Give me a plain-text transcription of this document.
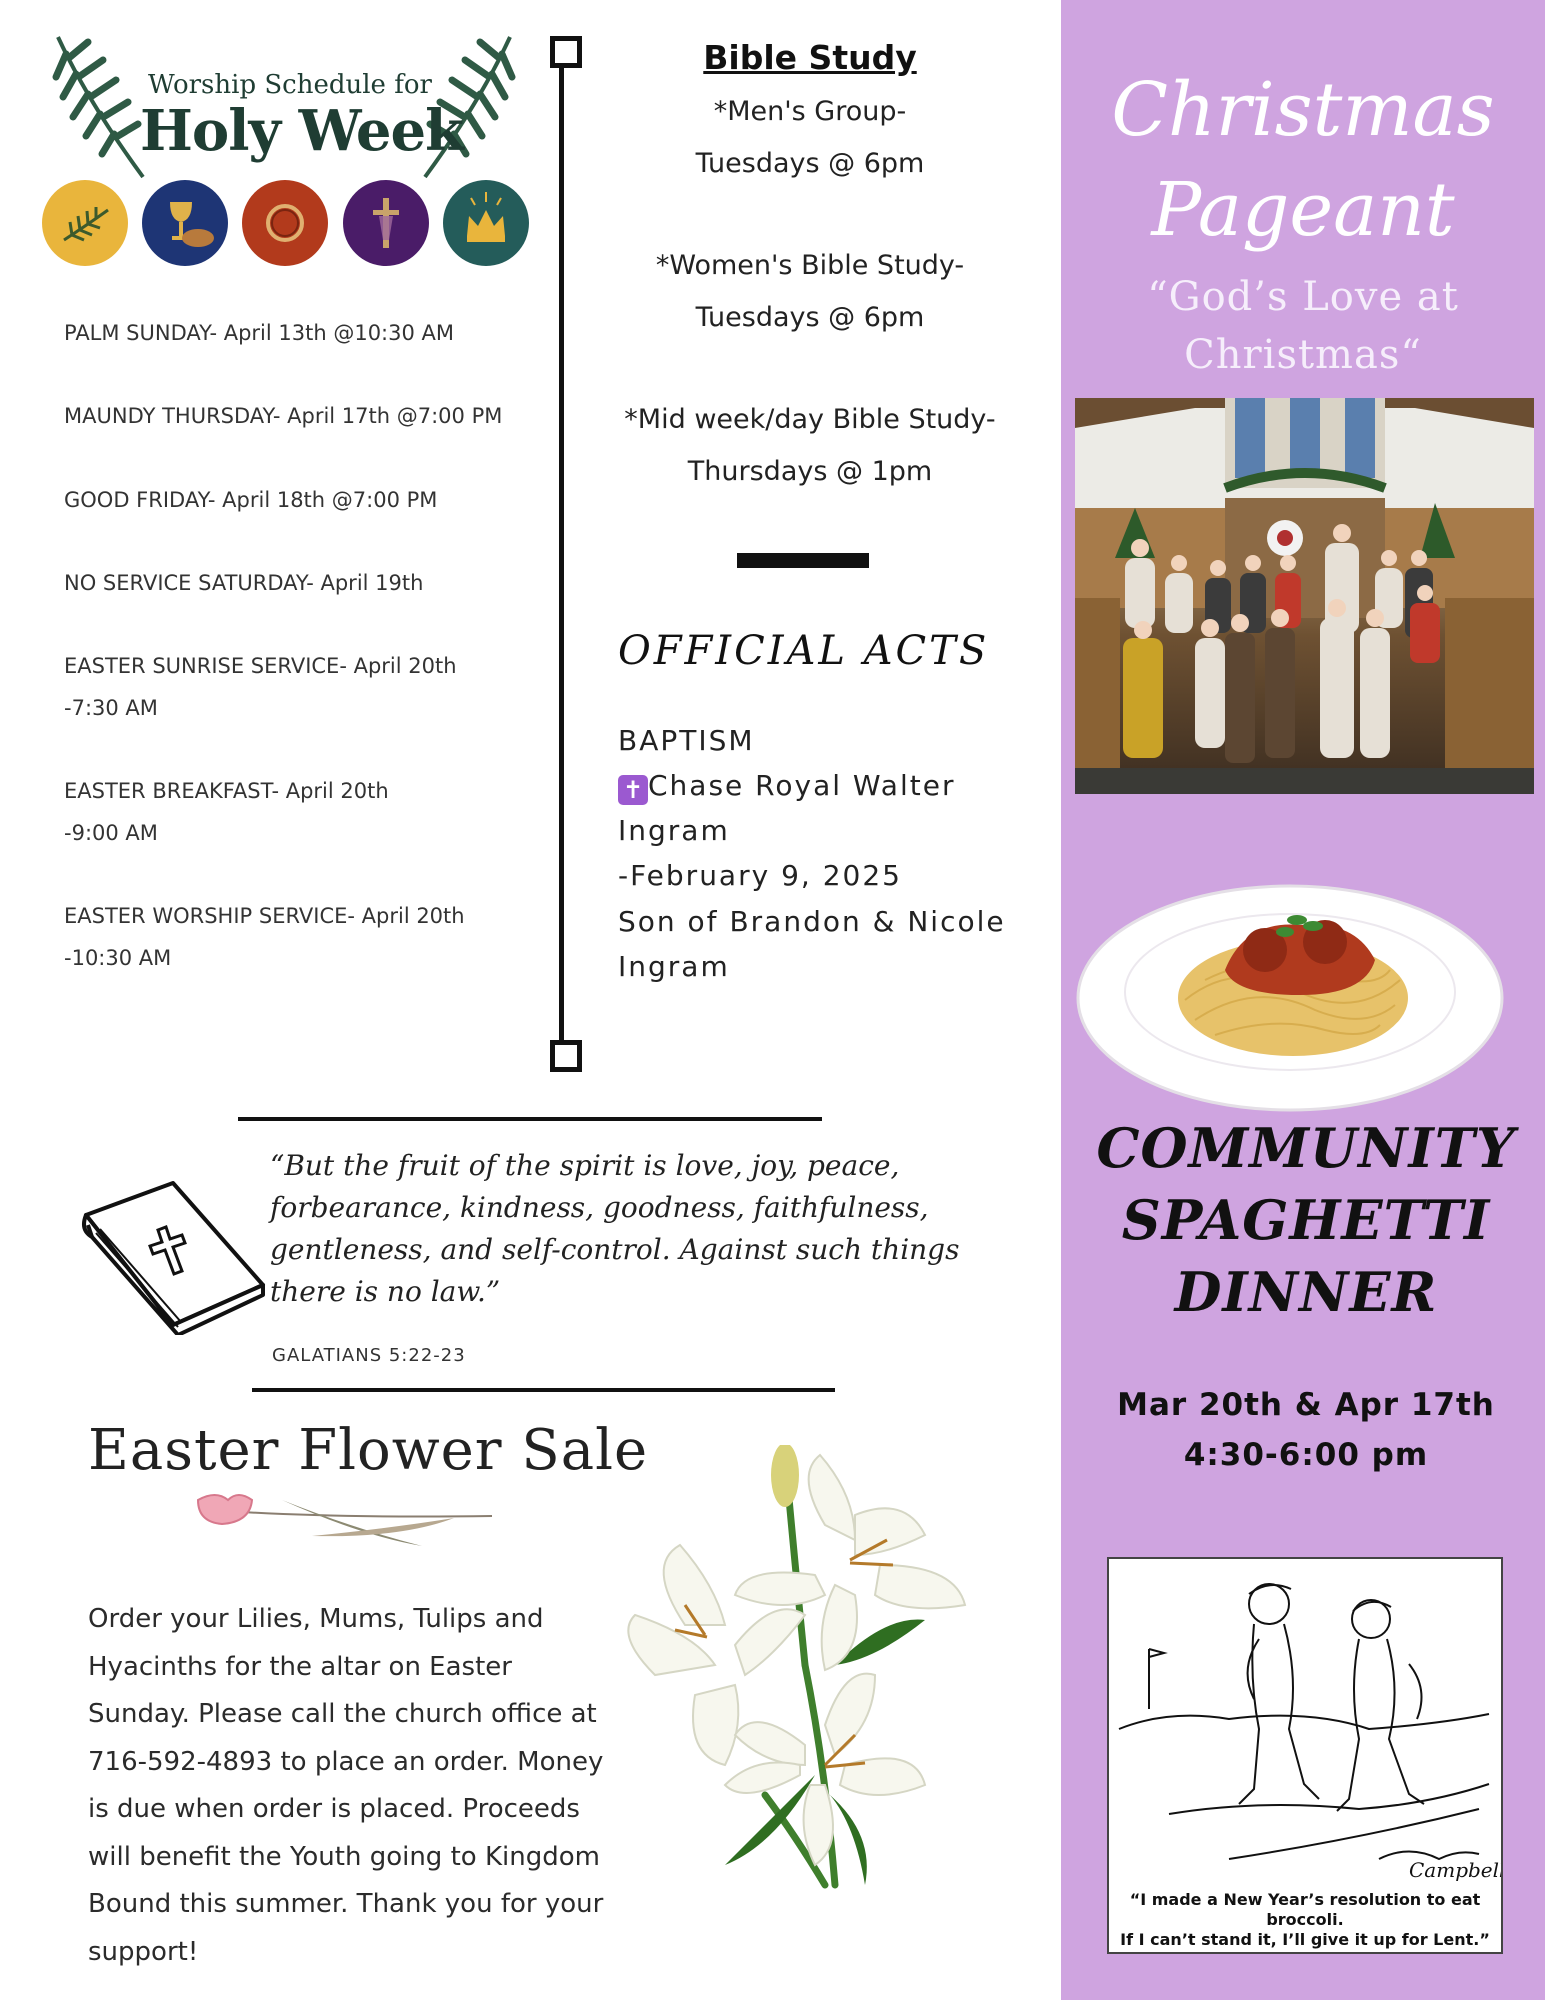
Worship Schedule for
Holy Week
PALM SUNDAY- April 13th @10:30 AM
MAUNDY THURSDAY- April 17th @7:00 PM
GOOD FRIDAY- April 18th @7:00 PM
NO SERVICE SATURDAY- April 19th
EASTER SUNRISE SERVICE- April 20th
-7:30 AM
EASTER BREAKFAST- April 20th
-9:00 AM
EASTER WORSHIP SERVICE- April 20th
-10:30 AM
Bible Study
*Men's Group-
Tuesdays @ 6pm
*Women's Bible Study-
Tuesdays @ 6pm
*Mid week/day Bible Study-
Thursdays @ 1pm
OFFICIAL ACTS
BAPTISM
✝ Chase Royal Walter
Ingram
-February 9, 2025
Son of Brandon & Nicole
Ingram
“But the fruit of the spirit is love, joy, peace, forbearance, kindness, goodness, faithfulness, gentleness, and self-control. Against such things there is no law.”
GALATIANS 5:22-23
Easter Flower Sale
Order your Lilies, Mums, Tulips and Hyacinths for the altar on Easter Sunday. Please call the church office at 716-592-4893 to place an order. Money is due when order is placed. Proceeds will benefit the Youth going to Kingdom Bound this summer. Thank you for your support!
Christmas
Pageant
“God’s Love at
Christmas“
COMMUNITY
SPAGHETTI
DINNER
Mar 20th & Apr 17th
4:30-6:00 pm
Campbell
“I made a New Year’s resolution to eat broccoli.
If I can’t stand it, I’ll give it up for Lent.”
